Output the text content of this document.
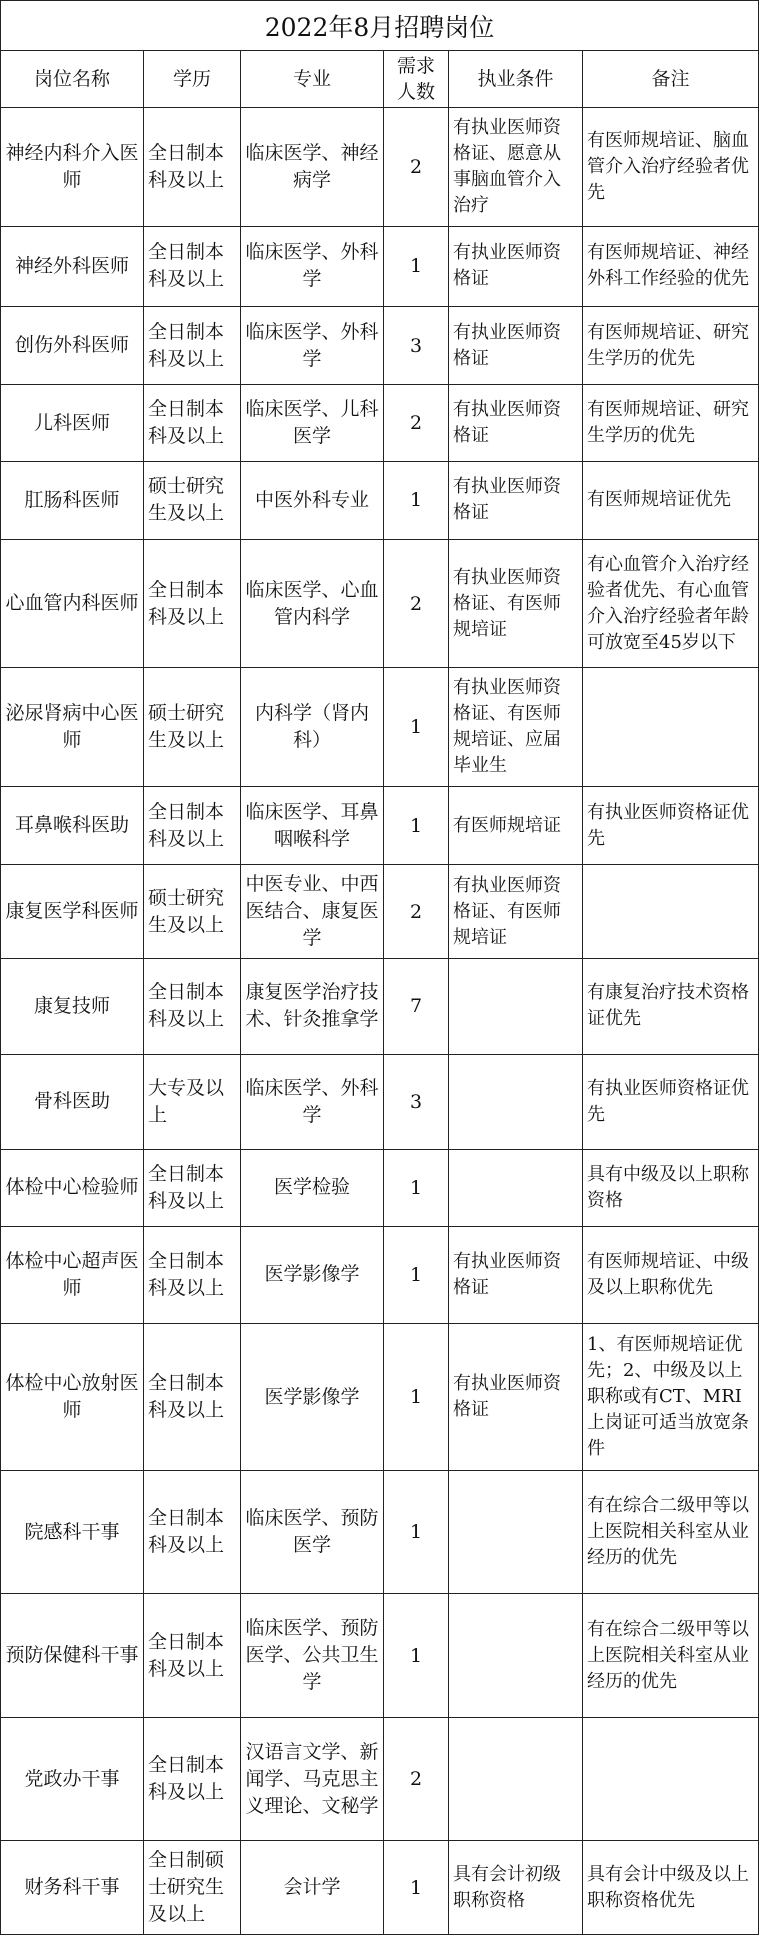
2022年8月招聘岗位					
岗位名称	学历	专业	需求人数	执业条件	备注
神经内科介入医师	全日制本科及以上	临床医学、神经病学	2	有执业医师资格证、愿意从事脑血管介入治疗	有医师规培证、脑血管介入治疗经验者优先
神经外科医师	全日制本科及以上	临床医学、外科学	1	有执业医师资格证	有医师规培证、神经外科工作经验的优先
创伤外科医师	全日制本科及以上	临床医学、外科学	3	有执业医师资格证	有医师规培证、研究生学历的优先
儿科医师	全日制本科及以上	临床医学、儿科医学	2	有执业医师资格证	有医师规培证、研究生学历的优先
肛肠科医师	硕士研究生及以上	中医外科专业	1	有执业医师资格证	有医师规培证优先
心血管内科医师	全日制本科及以上	临床医学、心血管内科学	2	有执业医师资格证、有医师规培证	有心血管介入治疗经验者优先、有心血管介入治疗经验者年龄可放宽至45岁以下
泌尿肾病中心医师	硕士研究生及以上	内科学（肾内科）	1	有执业医师资格证、有医师规培证、应届毕业生	
耳鼻喉科医助	全日制本科及以上	临床医学、耳鼻咽喉科学	1	有医师规培证	有执业医师资格证优先
康复医学科医师	硕士研究生及以上	中医专业、中西医结合、康复医学	2	有执业医师资格证、有医师规培证	
康复技师	全日制本科及以上	康复医学治疗技术、针灸推拿学	7		有康复治疗技术资格证优先
骨科医助	大专及以上	临床医学、外科学	3		有执业医师资格证优先
体检中心检验师	全日制本科及以上	医学检验	1		具有中级及以上职称资格
体检中心超声医师	全日制本科及以上	医学影像学	1	有执业医师资格证	有医师规培证、中级及以上职称优先
体检中心放射医师	全日制本科及以上	医学影像学	1	有执业医师资格证	1、有医师规培证优先；2、中级及以上职称或有CT、MRI上岗证可适当放宽条件
院感科干事	全日制本科及以上	临床医学、预防医学	1		有在综合二级甲等以上医院相关科室从业经历的优先
预防保健科干事	全日制本科及以上	临床医学、预防医学、公共卫生学	1		有在综合二级甲等以上医院相关科室从业经历的优先
党政办干事	全日制本科及以上	汉语言文学、新闻学、马克思主义理论、文秘学	2		
财务科干事	全日制硕士研究生及以上	会计学	1	具有会计初级职称资格	具有会计中级及以上职称资格优先
